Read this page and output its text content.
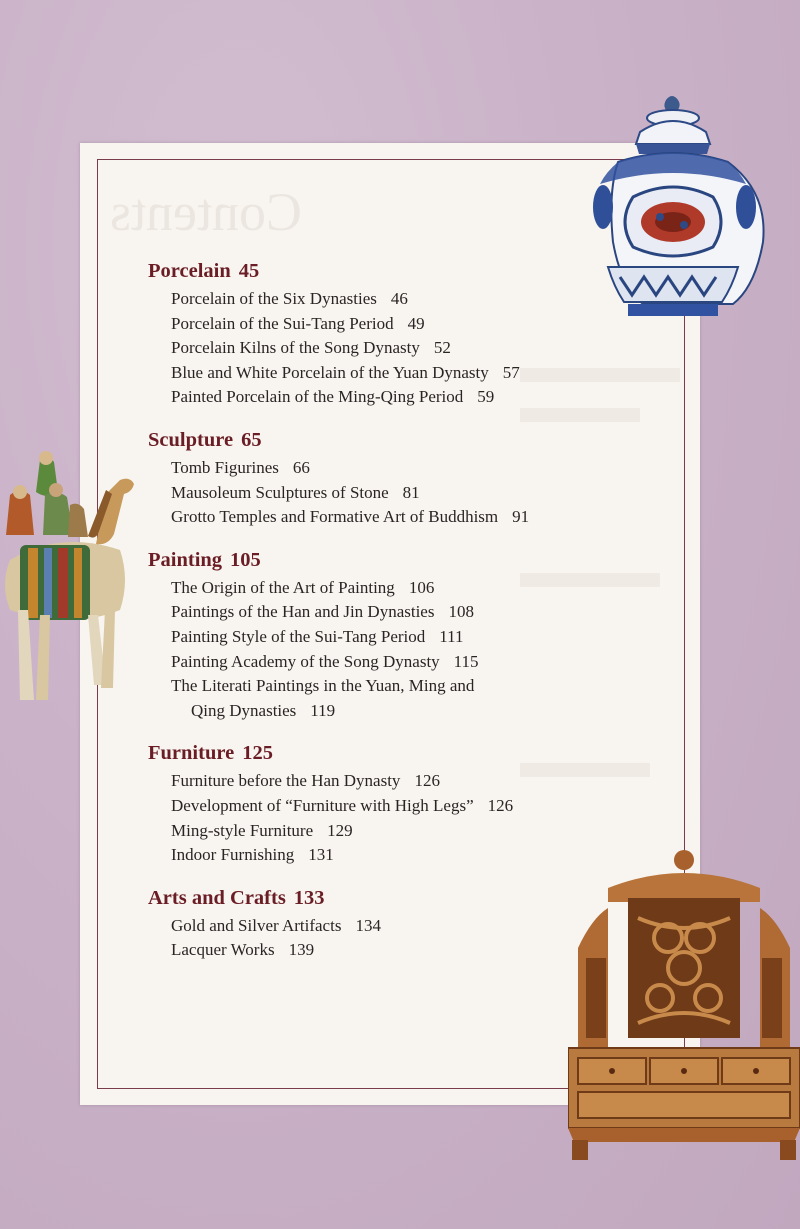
Contents
Porcelain 45
Porcelain of the Six Dynasties 46
Porcelain of the Sui-Tang Period 49
Porcelain Kilns of the Song Dynasty 52
Blue and White Porcelain of the Yuan Dynasty 57
Painted Porcelain of the Ming-Qing Period 59
Sculpture 65
Tomb Figurines 66
Mausoleum Sculptures of Stone 81
Grotto Temples and Formative Art of Buddhism 91
Painting 105
The Origin of the Art of Painting 106
Paintings of the Han and Jin Dynasties 108
Painting Style of the Sui-Tang Period 111
Painting Academy of the Song Dynasty 115
The Literati Paintings in the Yuan, Ming and
Qing Dynasties 119
Furniture 125
Furniture before the Han Dynasty 126
Development of “Furniture with High Legs” 126
Ming-style Furniture 129
Indoor Furnishing 131
Arts and Crafts 133
Gold and Silver Artifacts 134
Lacquer Works 139
